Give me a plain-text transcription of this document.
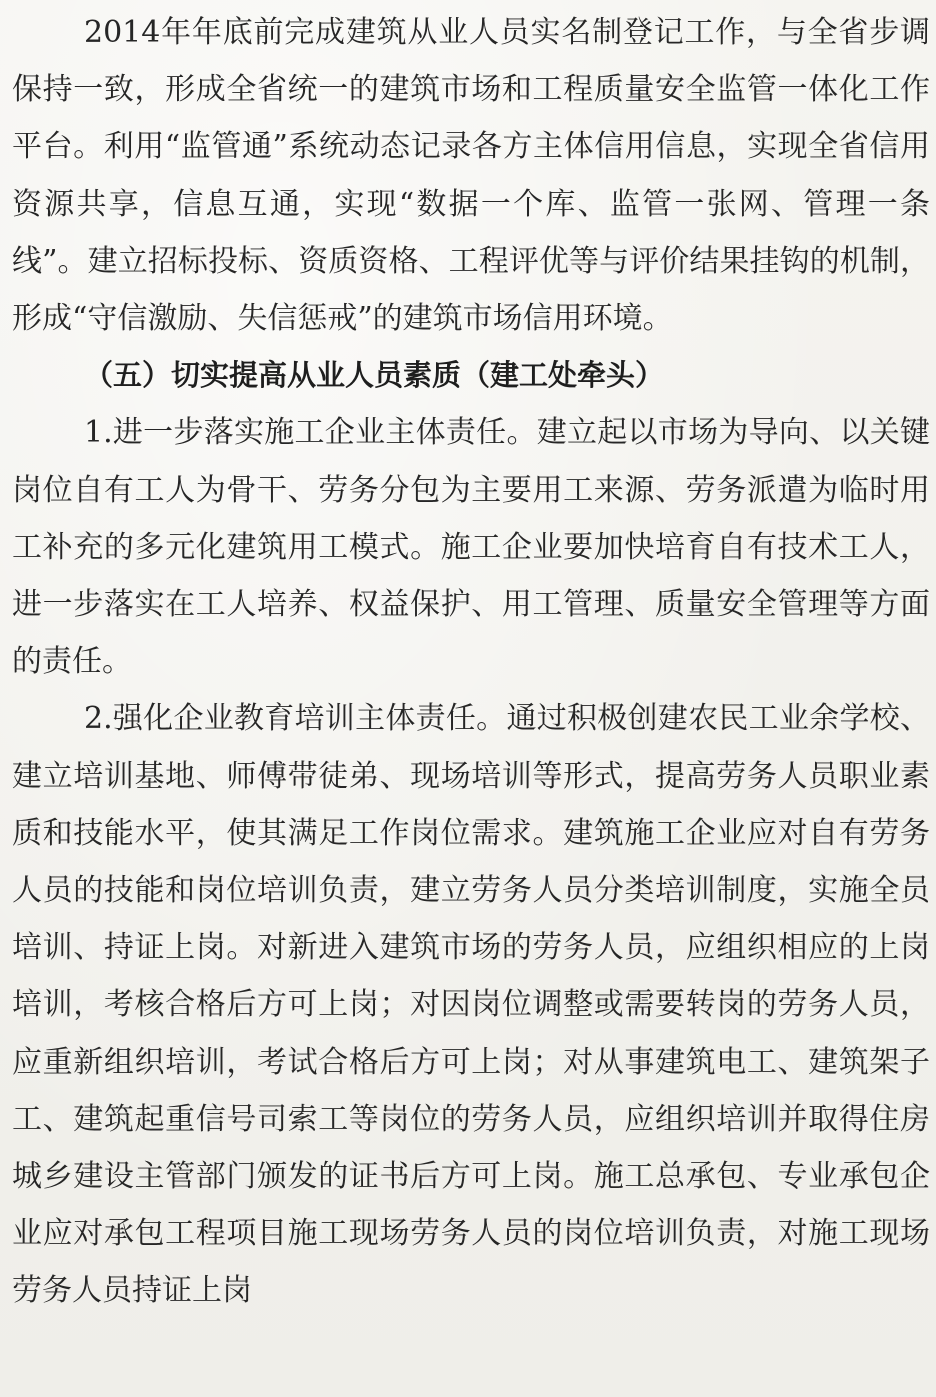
2014年年底前完成建筑从业人员实名制登记工作，与全省步调保持一致，形成全省统一的建筑市场和工程质量安全监管一体化工作平台。利用“监管通”系统动态记录各方主体信用信息，实现全省信用资源共享，信息互通，实现“数据一个库、监管一张网、管理一条线”。建立招标投标、资质资格、工程评优等与评价结果挂钩的机制，形成“守信激励、失信惩戒”的建筑市场信用环境。

（五）切实提高从业人员素质（建工处牵头）

1.进一步落实施工企业主体责任。建立起以市场为导向、以关键岗位自有工人为骨干、劳务分包为主要用工来源、劳务派遣为临时用工补充的多元化建筑用工模式。施工企业要加快培育自有技术工人，进一步落实在工人培养、权益保护、用工管理、质量安全管理等方面的责任。

2.强化企业教育培训主体责任。通过积极创建农民工业余学校、建立培训基地、师傅带徒弟、现场培训等形式，提高劳务人员职业素质和技能水平，使其满足工作岗位需求。建筑施工企业应对自有劳务人员的技能和岗位培训负责，建立劳务人员分类培训制度，实施全员培训、持证上岗。对新进入建筑市场的劳务人员，应组织相应的上岗培训，考核合格后方可上岗；对因岗位调整或需要转岗的劳务人员，应重新组织培训，考试合格后方可上岗；对从事建筑电工、建筑架子工、建筑起重信号司索工等岗位的劳务人员，应组织培训并取得住房城乡建设主管部门颁发的证书后方可上岗。施工总承包、专业承包企业应对承包工程项目施工现场劳务人员的岗位培训负责，对施工现场劳务人员持证上岗
